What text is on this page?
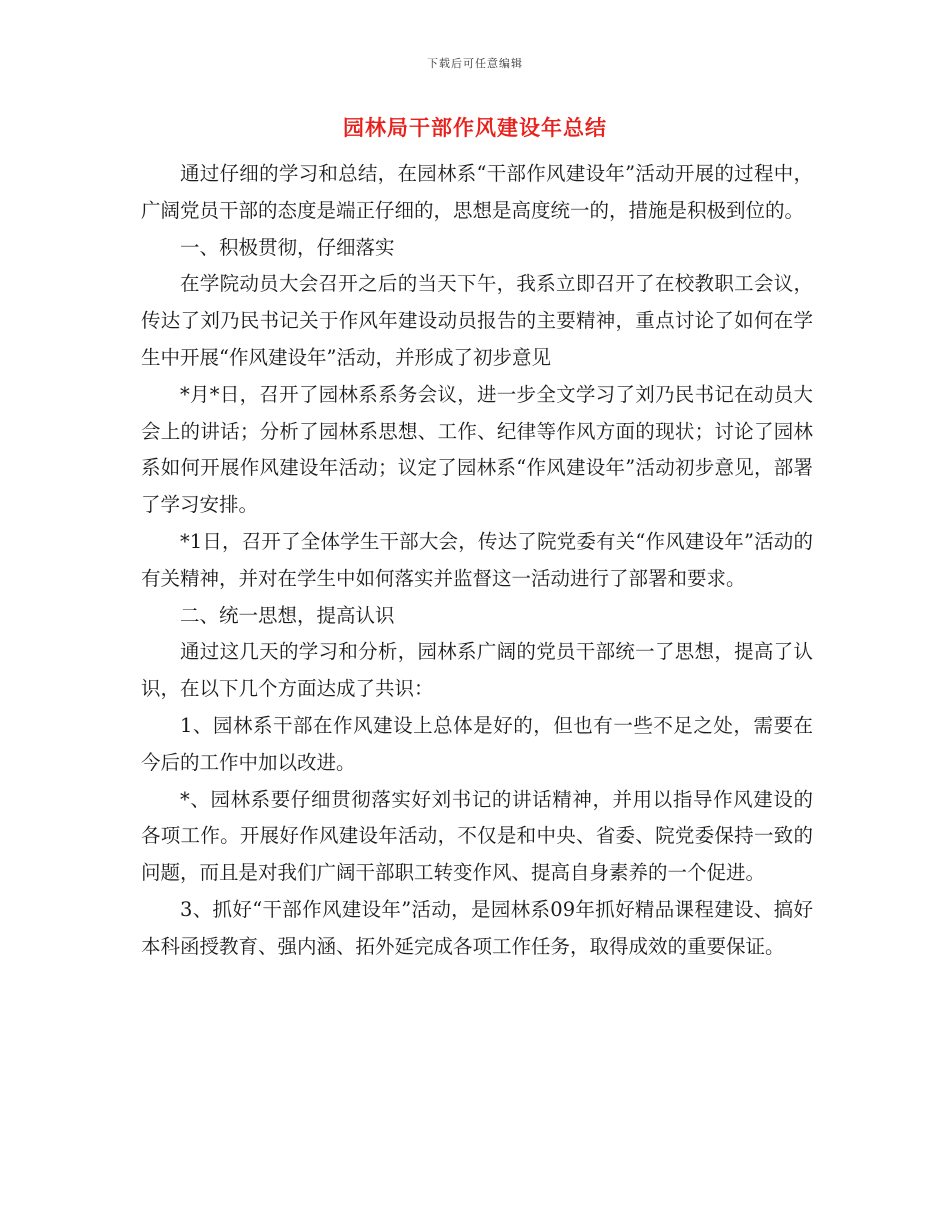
下载后可任意编辑
园林局干部作风建设年总结

通过仔细的学习和总结，在园林系“干部作风建设年”活动开展的过程中，广阔党员干部的态度是端正仔细的，思想是高度统一的，措施是积极到位的。

一、积极贯彻，仔细落实

在学院动员大会召开之后的当天下午，我系立即召开了在校教职工会议，传达了刘乃民书记关于作风年建设动员报告的主要精神，重点讨论了如何在学生中开展“作风建设年”活动，并形成了初步意见

*月*日，召开了园林系系务会议，进一步全文学习了刘乃民书记在动员大会上的讲话；分析了园林系思想、工作、纪律等作风方面的现状；讨论了园林系如何开展作风建设年活动；议定了园林系“作风建设年”活动初步意见，部署了学习安排。

*1日，召开了全体学生干部大会，传达了院党委有关“作风建设年”活动的有关精神，并对在学生中如何落实并监督这一活动进行了部署和要求。

二、统一思想，提高认识

通过这几天的学习和分析，园林系广阔的党员干部统一了思想，提高了认识，在以下几个方面达成了共识：

1、园林系干部在作风建设上总体是好的，但也有一些不足之处，需要在今后的工作中加以改进。

*、园林系要仔细贯彻落实好刘书记的讲话精神，并用以指导作风建设的各项工作。开展好作风建设年活动，不仅是和中央、省委、院党委保持一致的问题，而且是对我们广阔干部职工转变作风、提高自身素养的一个促进。

3、抓好“干部作风建设年”活动，是园林系09年抓好精品课程建设、搞好本科函授教育、强内涵、拓外延完成各项工作任务，取得成效的重要保证。
